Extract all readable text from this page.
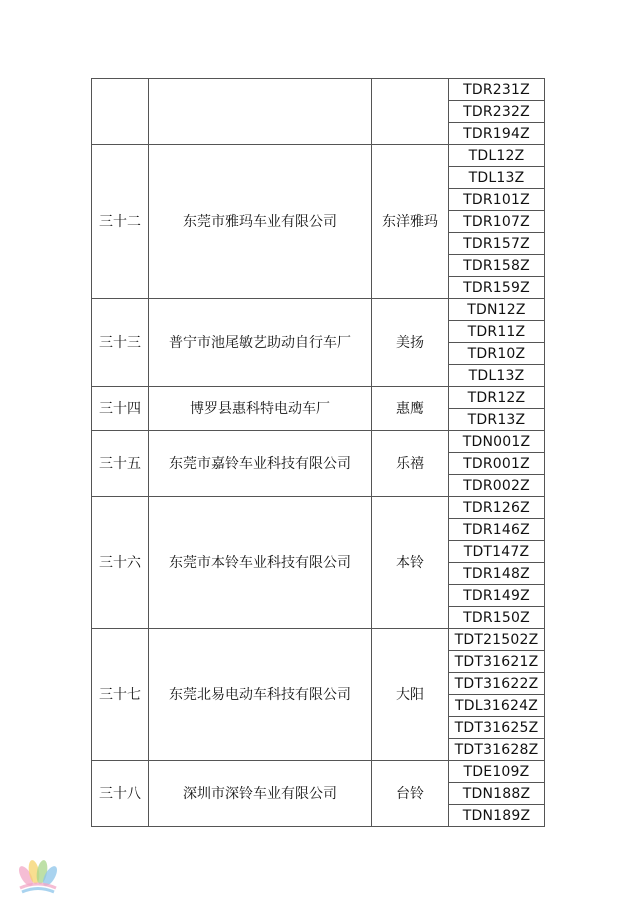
			TDR231Z
			TDR232Z
			TDR194Z
三十二	东莞市雅玛车业有限公司	东洋雅玛	TDL12Z
			TDL13Z
			TDR101Z
			TDR107Z
			TDR157Z
			TDR158Z
			TDR159Z
三十三	普宁市池尾敏艺助动自行车厂	美扬	TDN12Z
			TDR11Z
			TDR10Z
			TDL13Z
三十四	博罗县惠科特电动车厂	惠鹰	TDR12Z
			TDR13Z
三十五	东莞市嘉铃车业科技有限公司	乐禧	TDN001Z
			TDR001Z
			TDR002Z
三十六	东莞市本铃车业科技有限公司	本铃	TDR126Z
			TDR146Z
			TDT147Z
			TDR148Z
			TDR149Z
			TDR150Z
三十七	东莞北易电动车科技有限公司	大阳	TDT21502Z
			TDT31621Z
			TDT31622Z
			TDL31624Z
			TDT31625Z
			TDT31628Z
三十八	深圳市深铃车业有限公司	台铃	TDE109Z
			TDN188Z
			TDN189Z
